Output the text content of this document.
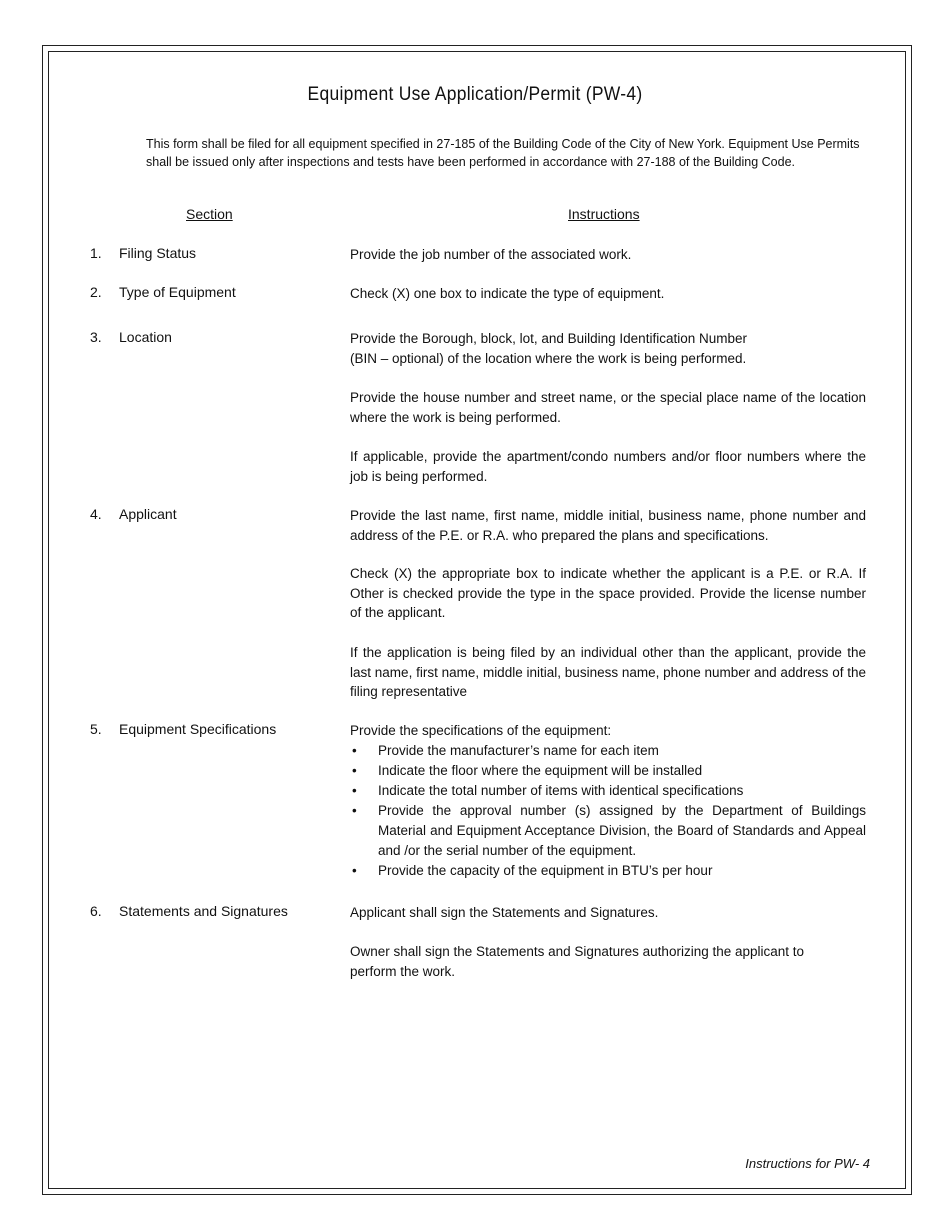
Equipment Use Application/Permit (PW-4)
This form shall be filed for all equipment specified in 27-185 of the Building Code of the City of New York. Equipment Use Permits shall be issued only after inspections and tests have been performed in accordance with 27-188 of the Building Code.
Section	Instructions
1. Filing Status	Provide the job number of the associated work.
2. Type of Equipment	Check (X) one box to indicate the type of equipment.
3. Location	Provide the Borough, block, lot, and Building Identification Number (BIN – optional) of the location where the work is being performed.
Provide the house number and street name, or the special place name of the location where the work is being performed.
If applicable, provide the apartment/condo numbers and/or floor numbers where the job is being performed.
4. Applicant	Provide the last name, first name, middle initial, business name, phone number and address of the P.E. or R.A. who prepared the plans and specifications.
Check (X) the appropriate box to indicate whether the applicant is a P.E. or R.A. If Other is checked provide the type in the space provided. Provide the license number of the applicant.
If the application is being filed by an individual other than the applicant, provide the last name, first name, middle initial, business name, phone number and address of the filing representative
5. Equipment Specifications	Provide the specifications of the equipment:
• Provide the manufacturer’s name for each item
• Indicate the floor where the equipment will be installed
• Indicate the total number of items with identical specifications
• Provide the approval number (s) assigned by the Department of Buildings Material and Equipment Acceptance Division, the Board of Standards and Appeal and /or the serial number of the equipment.
• Provide the capacity of the equipment in BTU’s per hour
6. Statements and Signatures	Applicant shall sign the Statements and Signatures.
Owner shall sign the Statements and Signatures authorizing the applicant to perform the work.
Instructions for PW- 4
